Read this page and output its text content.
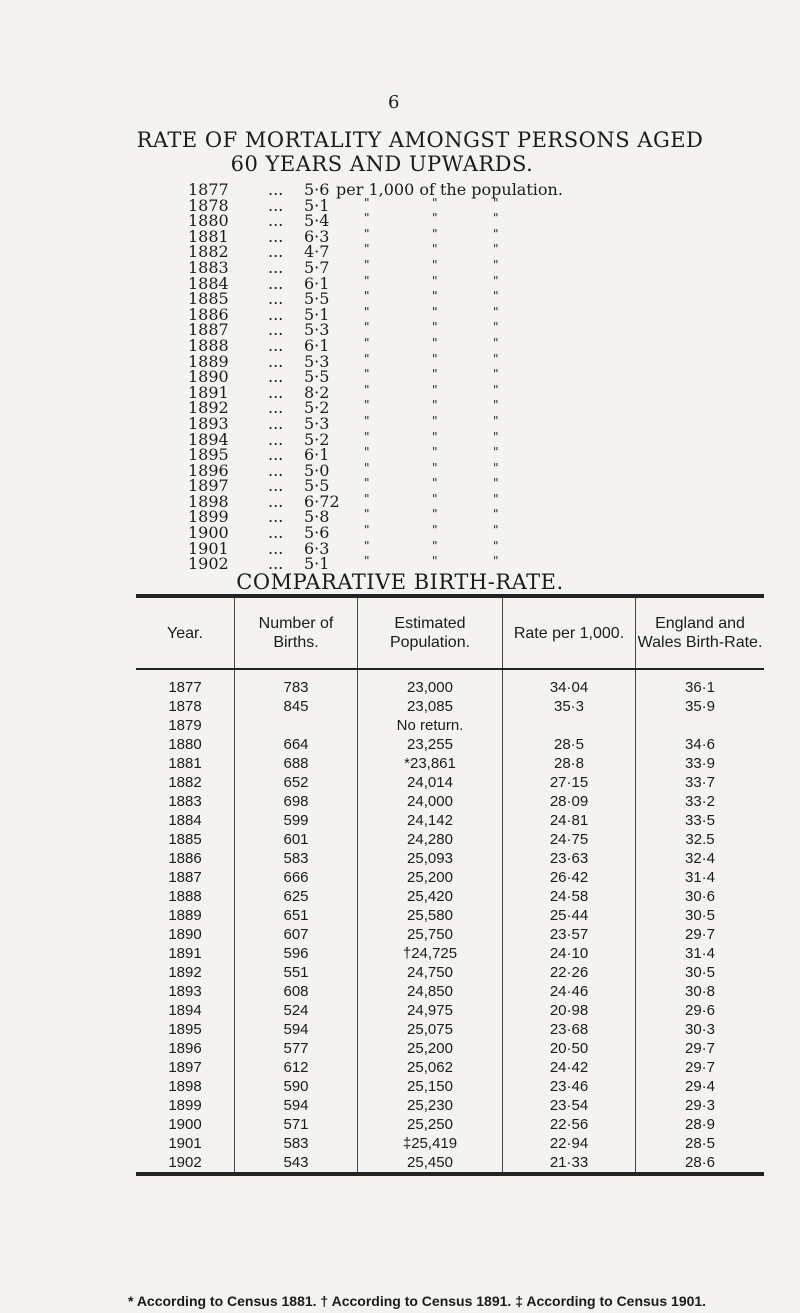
6
RATE OF MORTALITY AMONGST PERSONS AGED
60 YEARS AND UPWARDS.
1877 ... 5·6 per 1,000 of the population.
1878 ... 5·1	"	"	"
1880 ... 5·4	"	"	"
1881 ... 6·3	"	"	"
1882 ... 4·7	"	"	"
1883 ... 5·7	"	"	"
1884 ... 6·1	"	"	"
1885 ... 5·5	"	"	"
1886 ... 5·1	"	"	"
1887 ... 5·3	"	"	"
1888 ... 6·1	"	"	"
1889 ... 5·3	"	"	"
1890 ... 5·5	"	"	"
1891 ... 8·2	"	"	"
1892 ... 5·2	"	"	"
1893 ... 5·3	"	"	"
1894 ... 5·2	"	"	"
1895 ... 6·1	"	"	"
1896 ... 5·0	"	"	"
1897 ... 5·5	"	"	"
1898 ... 6·72 "	"	"
1899 ... 5·8	"	"	"
1900 ... 5·6	"	"	"
1901 ... 6·3	"	"	"
1902 ... 5·1	"	"	"
COMPARATIVE BIRTH-RATE.
Year.	Number of Births.	Estimated Population.	Rate per 1,000.	England and Wales Birth-Rate.
1877	783	23,000	34·04	36·1
1878	845	23,085	35·3	35·9
1879		No return.		
1880	664	23,255	28·5	34·6
1881	688	*23,861	28·8	33·9
1882	652	24,014	27·15	33·7
1883	698	24,000	28·09	33·2
1884	599	24,142	24·81	33·5
1885	601	24,280	24·75	32.5
1886	583	25,093	23·63	32·4
1887	666	25,200	26·42	31·4
1888	625	25,420	24·58	30·6
1889	651	25,580	25·44	30·5
1890	607	25,750	23·57	29·7
1891	596	†24,725	24·10	31·4
1892	551	24,750	22·26	30·5
1893	608	24,850	24·46	30·8
1894	524	24,975	20·98	29·6
1895	594	25,075	23·68	30·3
1896	577	25,200	20·50	29·7
1897	612	25,062	24·42	29·7
1898	590	25,150	23·46	29·4
1899	594	25,230	23·54	29·3
1900	571	25,250	22·56	28·9
1901	583	‡25,419	22·94	28·5
1902	543	25,450	21·33	28·6
* According to Census 1881. † According to Census 1891. ‡ According to Census 1901.
